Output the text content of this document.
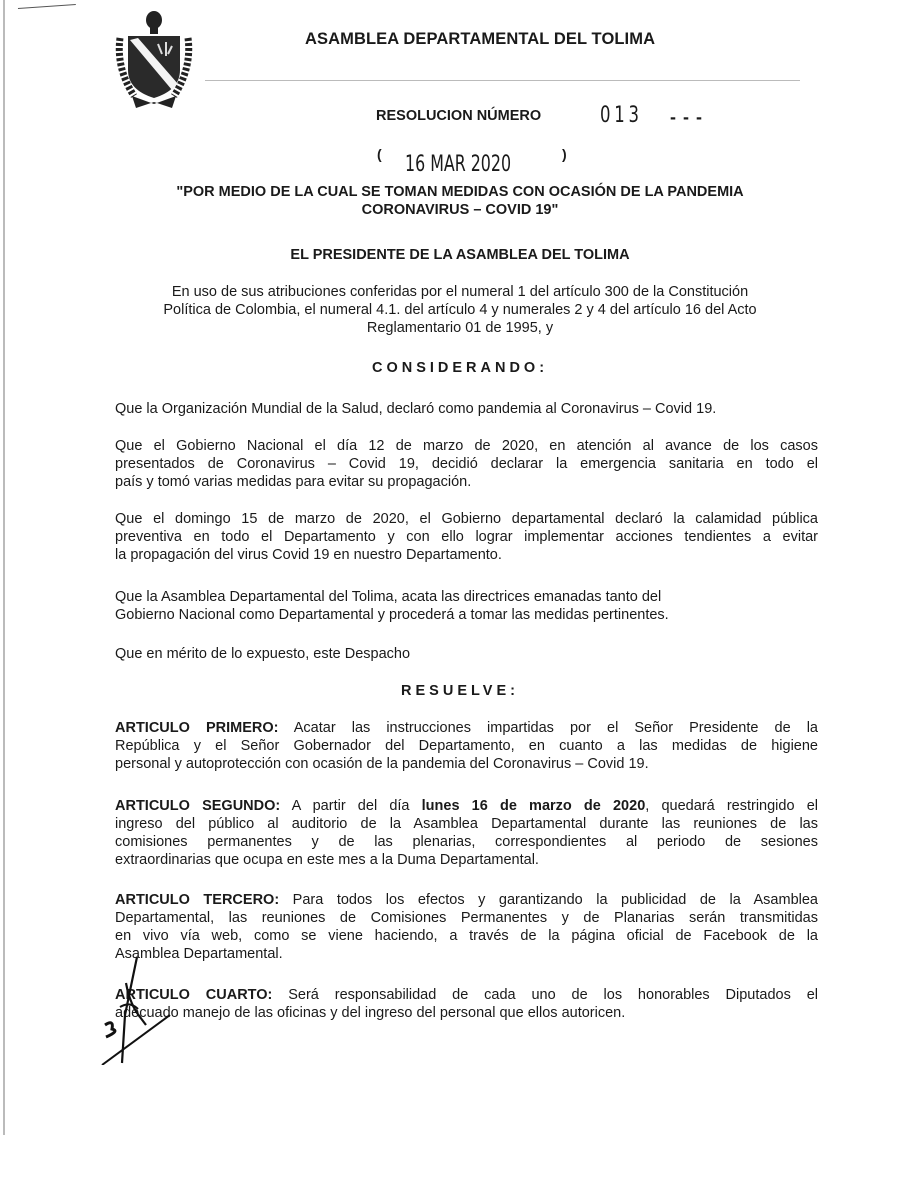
ASAMBLEA DEPARTAMENTAL DEL TOLIMA
RESOLUCION NÚMERO	013 - - -
( 16 MAR 2020	)
"POR MEDIO DE LA CUAL SE TOMAN MEDIDAS CON OCASIÓN DE LA PANDEMIA
CORONAVIRUS – COVID 19"
EL PRESIDENTE DE LA ASAMBLEA DEL TOLIMA
En uso de sus atribuciones conferidas por el numeral 1 del artículo 300 de la Constitución
Política de Colombia, el numeral 4.1. del artículo 4 y numerales 2 y 4 del artículo 16 del Acto
Reglamentario 01 de 1995, y
CONSIDERANDO:
Que la Organización Mundial de la Salud, declaró como pandemia al Coronavirus – Covid 19.
Que el Gobierno Nacional el día 12 de marzo de 2020, en atención al avance de los casos
presentados de Coronavirus – Covid 19, decidió declarar la emergencia sanitaria en todo el
país y tomó varias medidas para evitar su propagación.
Que el domingo 15 de marzo de 2020, el Gobierno departamental declaró la calamidad pública
preventiva en todo el Departamento y con ello lograr implementar acciones tendientes a evitar
la propagación del virus Covid 19 en nuestro Departamento.
Que la Asamblea Departamental del Tolima, acata las directrices emanadas tanto del
Gobierno Nacional como Departamental y procederá a tomar las medidas pertinentes.
Que en mérito de lo expuesto, este Despacho
RESUELVE:
ARTICULO PRIMERO: Acatar las instrucciones impartidas por el Señor Presidente de la
República y el Señor Gobernador del Departamento, en cuanto a las medidas de higiene
personal y autoprotección con ocasión de la pandemia del Coronavirus – Covid 19.
ARTICULO SEGUNDO: A partir del día lunes 16 de marzo de 2020, quedará restringido el
ingreso del público al auditorio de la Asamblea Departamental durante las reuniones de las
comisiones permanentes y de las plenarias, correspondientes al periodo de sesiones
extraordinarias que ocupa en este mes a la Duma Departamental.
ARTICULO TERCERO: Para todos los efectos y garantizando la publicidad de la Asamblea
Departamental, las reuniones de Comisiones Permanentes y de Planarias serán transmitidas
en vivo vía web, como se viene haciendo, a través de la página oficial de Facebook de la
Asamblea Departamental.
ARTICULO CUARTO: Será responsabilidad de cada uno de los honorables Diputados el
adecuado manejo de las oficinas y del ingreso del personal que ellos autoricen.
